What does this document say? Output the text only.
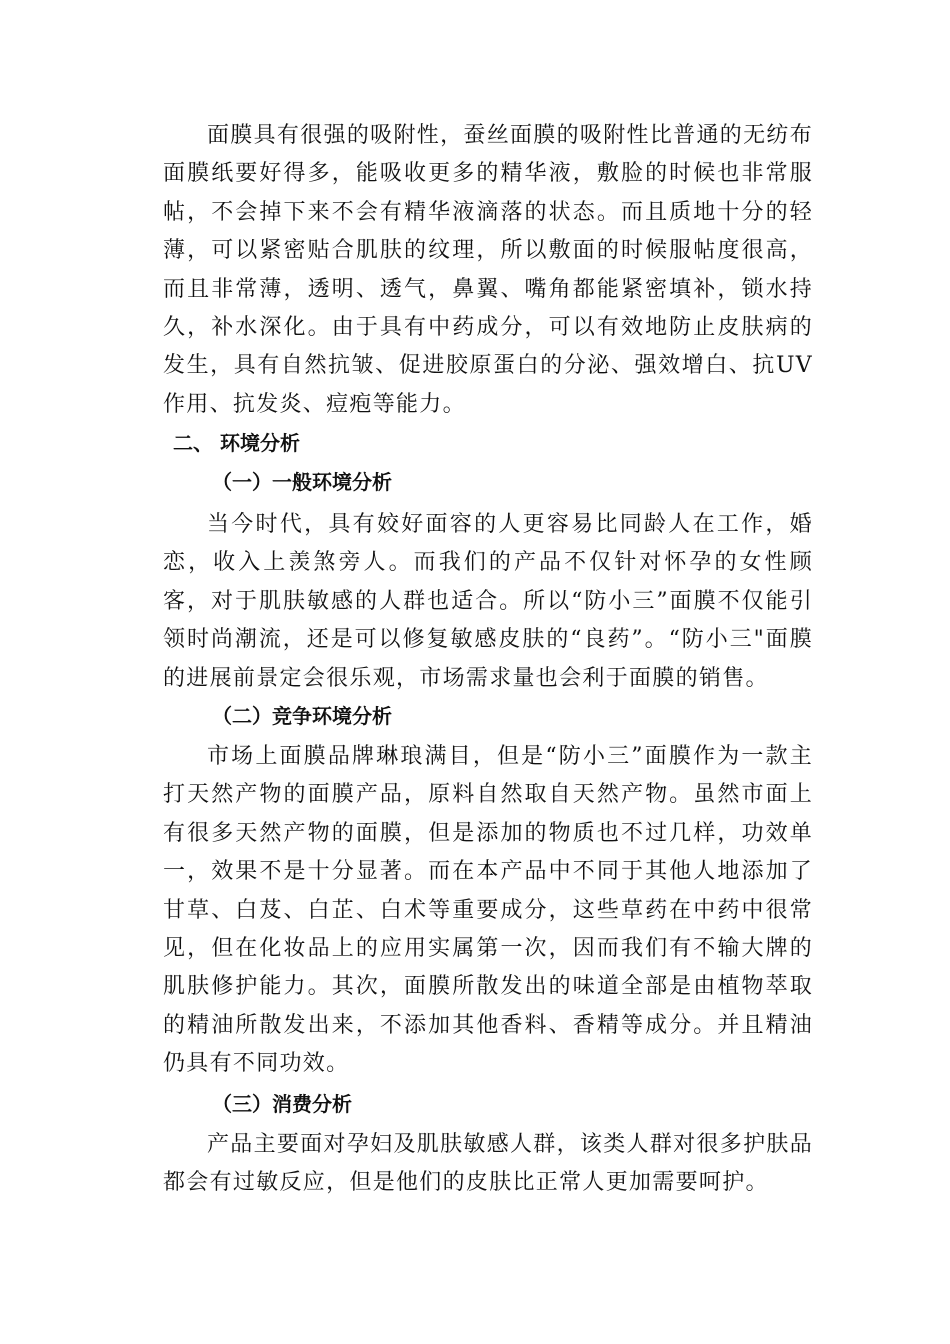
面膜具有很强的吸附性，蚕丝面膜的吸附性比普通的无纺布面膜纸要好得多，能吸收更多的精华液，敷脸的时候也非常服帖，不会掉下来不会有精华液滴落的状态。而且质地十分的轻薄，可以紧密贴合肌肤的纹理，所以敷面的时候服帖度很高，而且非常薄，透明、透气，鼻翼、嘴角都能紧密填补，锁水持久，补水深化。由于具有中药成分，可以有效地防止皮肤病的发生，具有自然抗皱、促进胶原蛋白的分泌、强效增白、抗UV作用、抗发炎、痘疱等能力。

二、 环境分析
（一）一般环境分析

当今时代，具有姣好面容的人更容易比同龄人在工作，婚恋，收入上羡煞旁人。而我们的产品不仅针对怀孕的女性顾客，对于肌肤敏感的人群也适合。所以“防小三”面膜不仅能引领时尚潮流，还是可以修复敏感皮肤的“良药”。“防小三"面膜的进展前景定会很乐观，市场需求量也会利于面膜的销售。

（二）竞争环境分析

市场上面膜品牌琳琅满目，但是“防小三”面膜作为一款主打天然产物的面膜产品，原料自然取自天然产物。虽然市面上有很多天然产物的面膜，但是添加的物质也不过几样，功效单一，效果不是十分显著。而在本产品中不同于其他人地添加了甘草、白芨、白芷、白术等重要成分，这些草药在中药中很常见，但在化妆品上的应用实属第一次，因而我们有不输大牌的肌肤修护能力。其次，面膜所散发出的味道全部是由植物萃取的精油所散发出来，不添加其他香料、香精等成分。并且精油仍具有不同功效。

（三）消费分析

产品主要面对孕妇及肌肤敏感人群，该类人群对很多护肤品都会有过敏反应，但是他们的皮肤比正常人更加需要呵护。
